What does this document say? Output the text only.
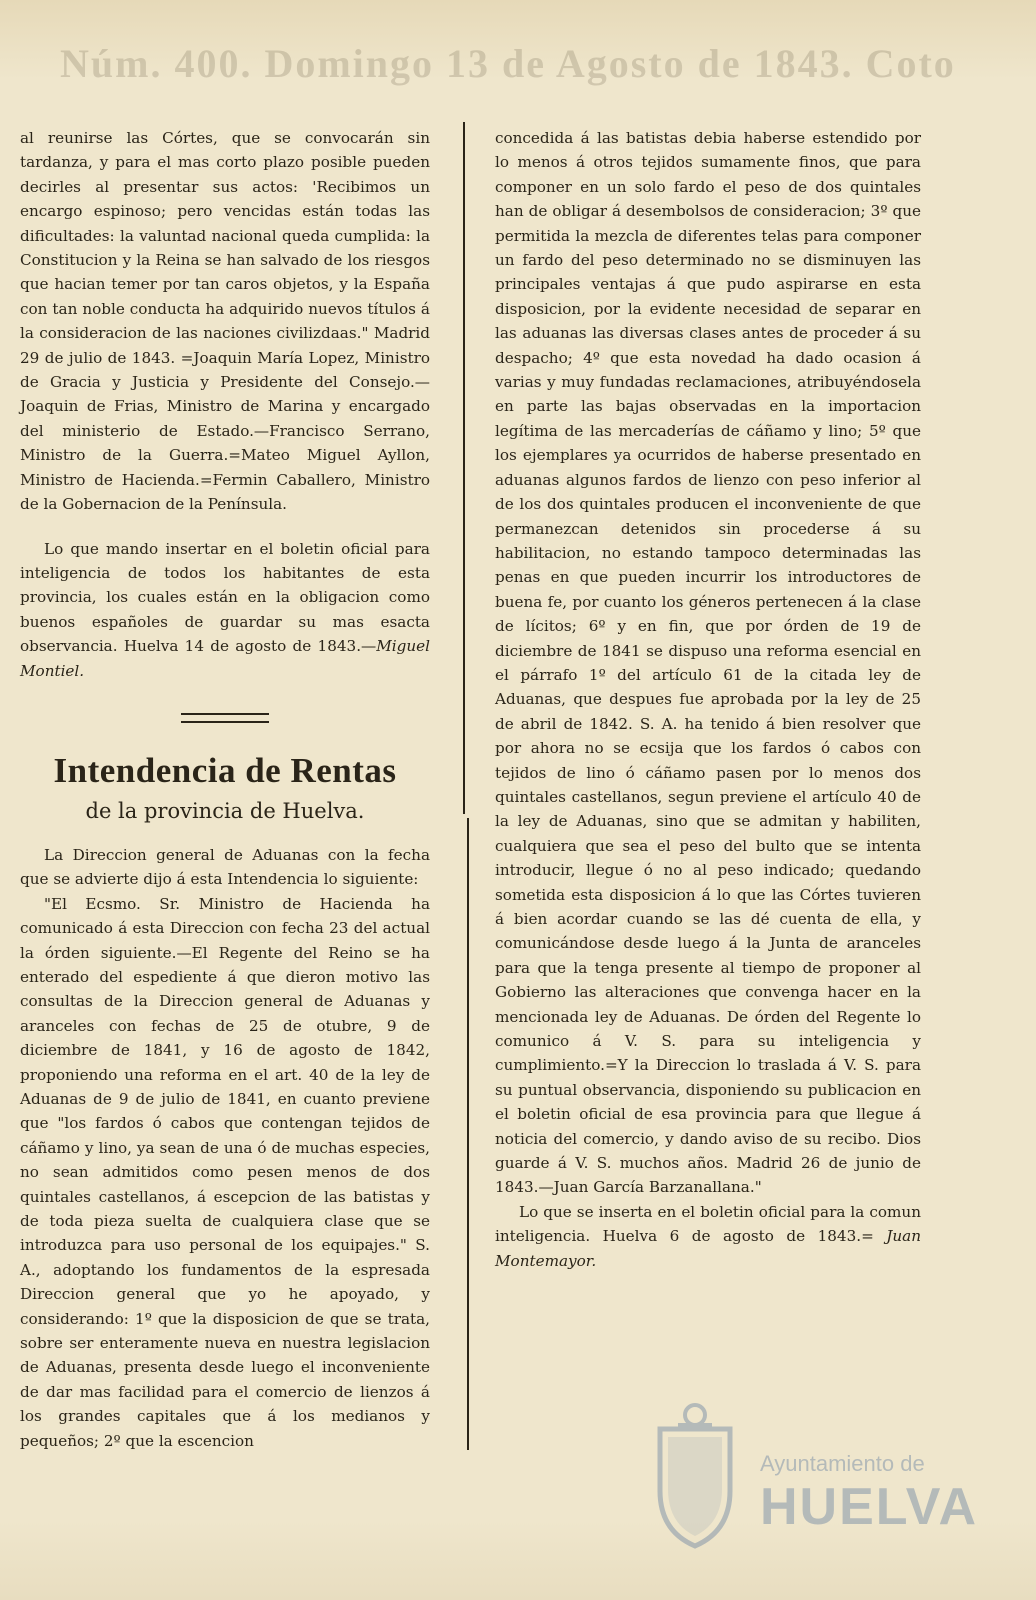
Núm. 400. Domingo 13 de Agosto de 1843. Coto

al reunirse las Córtes, que se convocarán sin tardanza, y para el mas corto plazo posible pueden decirles al presentar sus actos: 'Recibimos un encargo espinoso; pero vencidas están todas las dificultades: la valuntad nacional queda cumplida: la Constitucion y la Reina se han salvado de los riesgos que hacian temer por tan caros objetos, y la España con tan noble conducta ha adquirido nuevos títulos á la consideracion de las naciones civilizdaas." Madrid 29 de julio de 1843. =Joaquin María Lopez, Ministro de Gracia y Justicia y Presidente del Consejo.—Joaquin de Frias, Ministro de Marina y encargado del ministerio de Estado.—Francisco Serrano, Ministro de la Guerra.=Mateo Miguel Ayllon, Ministro de Hacienda.=Fermin Caballero, Ministro de la Gobernacion de la Península.

Lo que mando insertar en el boletin oficial para inteligencia de todos los habitantes de esta provincia, los cuales están en la obligacion como buenos españoles de guardar su mas esacta observancia. Huelva 14 de agosto de 1843.—Miguel Montiel.

Intendencia de Rentas
de la provincia de Huelva.

La Direccion general de Aduanas con la fecha que se advierte dijo á esta Intendencia lo siguiente:

"El Ecsmo. Sr. Ministro de Hacienda ha comunicado á esta Direccion con fecha 23 del actual la órden siguiente.—El Regente del Reino se ha enterado del espediente á que dieron motivo las consultas de la Direccion general de Aduanas y aranceles con fechas de 25 de otubre, 9 de diciembre de 1841, y 16 de agosto de 1842, proponiendo una reforma en el art. 40 de la ley de Aduanas de 9 de julio de 1841, en cuanto previene que "los fardos ó cabos que contengan tejidos de cáñamo y lino, ya sean de una ó de muchas especies, no sean admitidos como pesen menos de dos quintales castellanos, á escepcion de las batistas y de toda pieza suelta de cualquiera clase que se introduzca para uso personal de los equipajes." S. A., adoptando los fundamentos de la espresada Direccion general que yo he apoyado, y considerando: 1º que la disposicion de que se trata, sobre ser enteramente nueva en nuestra legislacion de Aduanas, presenta desde luego el inconveniente de dar mas facilidad para el comercio de lienzos á los grandes capitales que á los medianos y pequeños; 2º que la escencion

concedida á las batistas debia haberse estendido por lo menos á otros tejidos sumamente finos, que para componer en un solo fardo el peso de dos quintales han de obligar á desembolsos de consideracion; 3º que permitida la mezcla de diferentes telas para componer un fardo del peso determinado no se disminuyen las principales ventajas á que pudo aspirarse en esta disposicion, por la evidente necesidad de separar en las aduanas las diversas clases antes de proceder á su despacho; 4º que esta novedad ha dado ocasion á varias y muy fundadas reclamaciones, atribuyéndosela en parte las bajas observadas en la importacion legítima de las mercaderías de cáñamo y lino; 5º que los ejemplares ya ocurridos de haberse presentado en aduanas algunos fardos de lienzo con peso inferior al de los dos quintales producen el inconveniente de que permanezcan detenidos sin procederse á su habilitacion, no estando tampoco determinadas las penas en que pueden incurrir los introductores de buena fe, por cuanto los géneros pertenecen á la clase de lícitos; 6º y en fin, que por órden de 19 de diciembre de 1841 se dispuso una reforma esencial en el párrafo 1º del artículo 61 de la citada ley de Aduanas, que despues fue aprobada por la ley de 25 de abril de 1842. S. A. ha tenido á bien resolver que por ahora no se ecsija que los fardos ó cabos con tejidos de lino ó cáñamo pasen por lo menos dos quintales castellanos, segun previene el artículo 40 de la ley de Aduanas, sino que se admitan y habiliten, cualquiera que sea el peso del bulto que se intenta introducir, llegue ó no al peso indicado; quedando sometida esta disposicion á lo que las Córtes tuvieren á bien acordar cuando se las dé cuenta de ella, y comunicándose desde luego á la Junta de aranceles para que la tenga presente al tiempo de proponer al Gobierno las alteraciones que convenga hacer en la mencionada ley de Aduanas. De órden del Regente lo comunico á V. S. para su inteligencia y cumplimiento.=Y la Direccion lo traslada á V. S. para su puntual observancia, disponiendo su publicacion en el boletin oficial de esa provincia para que llegue á noticia del comercio, y dando aviso de su recibo. Dios guarde á V. S. muchos años. Madrid 26 de junio de 1843.—Juan García Barzanallana."

Lo que se inserta en el boletin oficial para la comun inteligencia. Huelva 6 de agosto de 1843.= Juan Montemayor.

Ayuntamiento de
HUELVA
